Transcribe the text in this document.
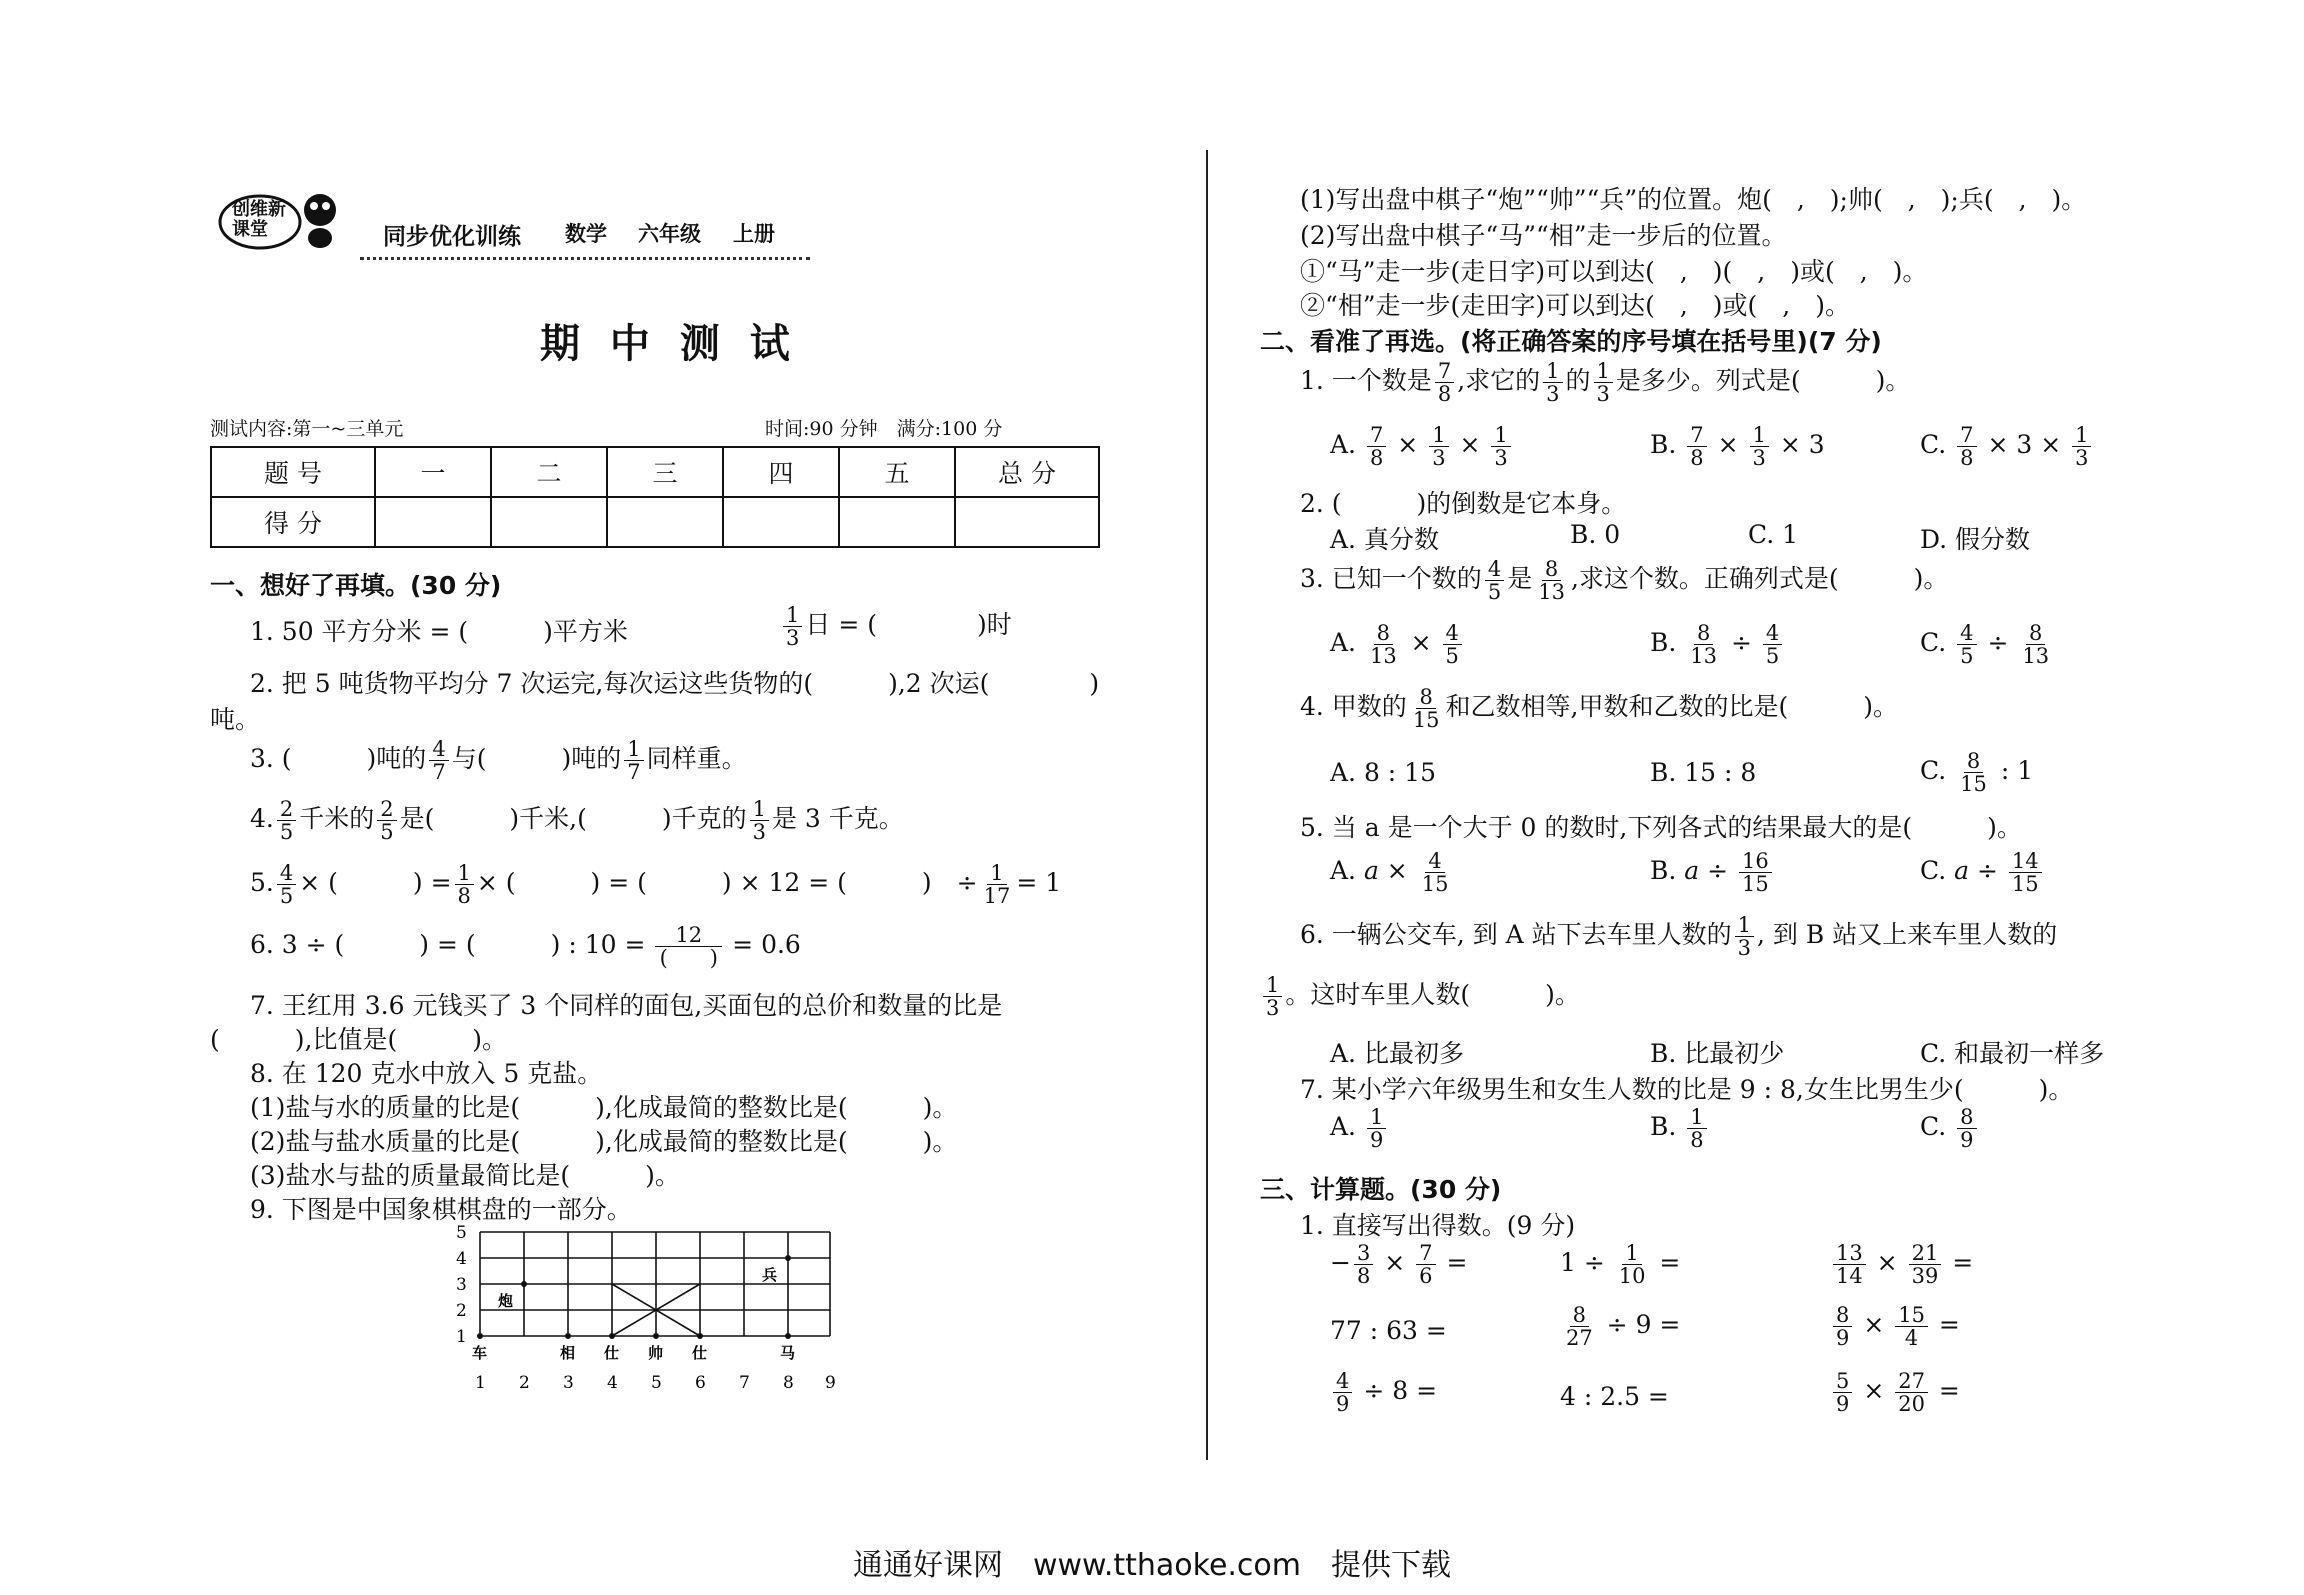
创维新课堂	同步优化训练 数学 六年级 上册
期 中 测 试
测试内容:第一~三单元	时间:90 分钟　满分:100 分
题 号	一	二	三	四	五	总 分
得 分						
一、想好了再填。(30 分)
1. 50 平方分米 = (　　　)平方米	$\frac{1}{3}$ 日 = (　　　　)时
2. 把 5 吨货物平均分 7 次运完,每次运这些货物的(　　　),2 次运(　　　　)
吨。
3. (　　　)吨的 $\frac{4}{7}$ 与(　　　)吨的 $\frac{1}{7}$ 同样重。
4. $\frac{2}{5}$ 千米的 $\frac{2}{5}$ 是(　　　)千米,(　　　)千克的 $\frac{1}{3}$ 是 3 千克。
5. $\frac{4}{5}$ × (　　　) = $\frac{1}{8}$ × (　　　) = (　　　) × 12 = (　　　)　÷ $\frac{1}{17} = 1$
6. 3 ÷ (　　　) = (　　　) : $10 = \frac{12}{( )} = 0.6$
7. 王红用 3.6 元钱买了 3 个同样的面包,买面包的总价和数量的比是
(　　　),比值是(　　　)。
8. 在 120 克水中放入 5 克盐。
(1)盐与水的质量的比是(　　　),化成最简的整数比是(　　　)。
(2)盐与盐水质量的比是(　　　),化成最简的整数比是(　　　)。
(3)盐水与盐的质量最简比是(　　　)。
9. 下图是中国象棋棋盘的一部分。
5
4
3
2
1
1 2 3 4 5 6 7 8 9
炮
兵
车	相 仕 帅 仕	马
(1)写出盘中棋子“炮”“帅”“兵”的位置。炮(　,　);帅(　,　);兵(　,　)。
(2)写出盘中棋子“马”“相”走一步后的位置。
①“马”走一步(走日字)可以到达(　,　)(　,　)或(　,　)。
②“相”走一步(走田字)可以到达(　,　)或(　,　)。
二、看准了再选。(将正确答案的序号填在括号里)(7 分)
1. 一个数是 $\frac{7}{8}$ ,求它的 $\frac{1}{3}$ 的 $\frac{1}{3}$ 是多少。列式是(　　　)。
A. $\frac{7}{8} \times \frac{1}{3} \times \frac{1}{3}$	B. $\frac{7}{8} \times \frac{1}{3} \times 3$	C. $\frac{7}{8} \times 3 \times \frac{1}{3}$
2. (　　　)的倒数是它本身。
A. 真分数	B. 0	C. 1	D. 假分数
3. 已知一个数的 $\frac{4}{5}$ 是 $\frac{8}{13}$ ,求这个数。正确列式是(　　　)。
A. $\frac{8}{13} \times \frac{4}{5}$	B. $\frac{8}{13} \div \frac{4}{5}$	C. $\frac{4}{5} \div \frac{8}{13}$
4. 甲数的 $\frac{8}{15}$ 和乙数相等,甲数和乙数的比是(　　　)。
A. 8 : 15	B. 15 : 8	C. $\frac{8}{15}$ : 1
5. 当 a 是一个大于 0 的数时,下列各式的结果最大的是(　　　)。
A. $a \times \frac{4}{15}$	B. $a \div \frac{16}{15}$	C. $a \div \frac{14}{15}$
6. 一辆公交车, 到 A 站下去车里人数的 $\frac{1}{3}$ , 到 B 站又上来车里人数的
$\frac{1}{3}$ 。这时车里人数(　　　)。
A. 比最初多	B. 比最初少	C. 和最初一样多
7. 某小学六年级男生和女生人数的比是 9 : 8,女生比男生少(　　　)。
A. $\frac{1}{9}$	B. $\frac{1}{8}$	C. $\frac{8}{9}$
三、计算题。(30 分)
1. 直接写出得数。(9 分)
− $\frac{3}{8} \times \frac{7}{6}$ =	$1 \div \frac{1}{10}$ =	$\frac{13}{14} \times \frac{21}{39}$ =
77 : 63 =	$\frac{8}{27} \div 9$ =	$\frac{8}{9} \times \frac{15}{4}$ =
$\frac{4}{9} \div 8$ =	4 : 2.5 =	$\frac{5}{9} \times \frac{27}{20}$ =
通通好课网　www.tthaoke.com　提供下载
